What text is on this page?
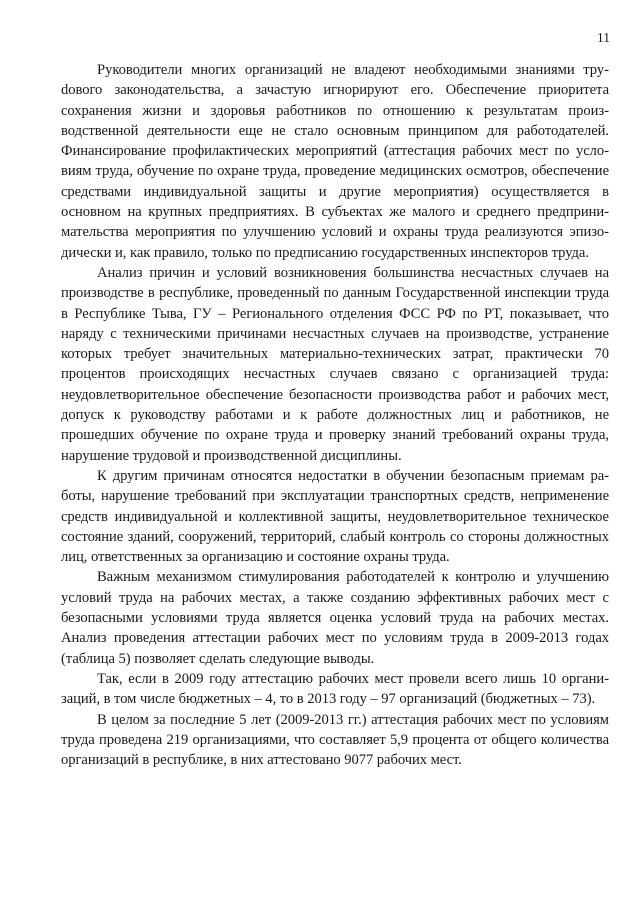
11

Руководители многих организаций не владеют необходимыми знаниями труdового законодательства, а зачастую игнорируют его. Обеспечение приоритета сохранения жизни и здоровья работников по отношению к результатам производственной деятельности еще не стало основным принципом для работодателей. Финансирование профилактических мероприятий (аттестация рабочих мест по условиям труда, обучение по охране труда, проведение медицинских осмотров, обеспечение средствами индивидуальной защиты и другие мероприятия) осуществляется в основном на крупных предприятиях. В субъектах же малого и среднего предпринимательства мероприятия по улучшению условий и охраны труда реализуются эпизодически и, как правило, только по предписанию государственных инспекторов труда.

Анализ причин и условий возникновения большинства несчастных случаев на производстве в республике, проведенный по данным Государственной инспекции труда в Республике Тыва, ГУ – Регионального отделения ФСС РФ по РТ, показывает, что наряду с техническими причинами несчастных случаев на производстве, устранение которых требует значительных материально-технических затрат, практически 70 процентов происходящих несчастных случаев связано с организацией труда: неудовлетворительное обеспечение безопасности производства работ и рабочих мест, допуск к руководству работами и к работе должностных лиц и работников, не прошедших обучение по охране труда и проверку знаний требований охраны труда, нарушение трудовой и производственной дисциплины.

К другим причинам относятся недостатки в обучении безопасным приемам работы, нарушение требований при эксплуатации транспортных средств, неприменение средств индивидуальной и коллективной защиты, неудовлетворительное техническое состояние зданий, сооружений, территорий, слабый контроль со стороны должностных лиц, ответственных за организацию и состояние охраны труда.

Важным механизмом стимулирования работодателей к контролю и улучшению условий труда на рабочих местах, а также созданию эффективных рабочих мест с безопасными условиями труда является оценка условий труда на рабочих местах. Анализ проведения аттестации рабочих мест по условиям труда в 2009-2013 годах (таблица 5) позволяет сделать следующие выводы.

Так, если в 2009 году аттестацию рабочих мест провели всего лишь 10 организаций, в том числе бюджетных – 4, то в 2013 году – 97 организаций (бюджетных – 73).

В целом за последние 5 лет (2009-2013 гг.) аттестация рабочих мест по условиям труда проведена 219 организациями, что составляет 5,9 процента от общего количества организаций в республике, в них аттестовано 9077 рабочих мест.
